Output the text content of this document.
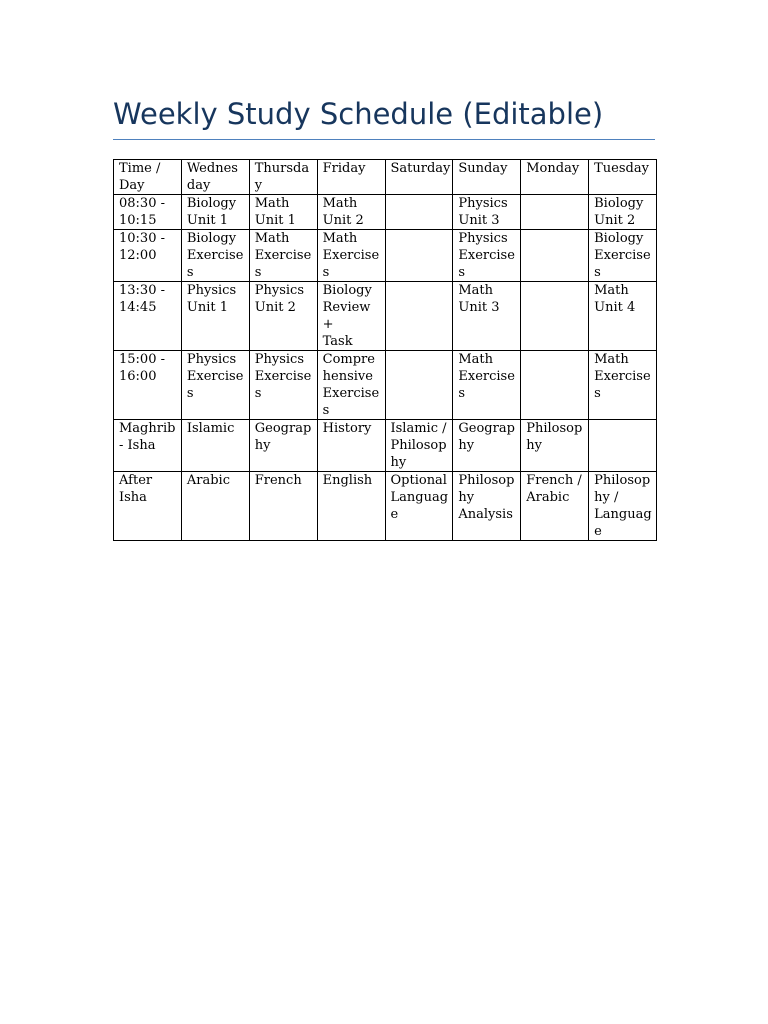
Weekly Study Schedule (Editable)
Time /
Day	Wednes
day	Thursda
y	Friday	Saturday	Sunday	Monday	Tuesday
08:30 -
10:15	Biology
Unit 1	Math
Unit 1	Math
Unit 2		Physics
Unit 3		Biology
Unit 2
10:30 -
12:00	Biology
Exercise
s	Math
Exercise
s	Math
Exercise
s		Physics
Exercise
s		Biology
Exercise
s
13:30 -
14:45	Physics
Unit 1	Physics
Unit 2	Biology
Review +
Task		Math
Unit 3		Math
Unit 4
15:00 -
16:00	Physics
Exercise
s	Physics
Exercise
s	Compre
hensive
Exercise
s		Math
Exercise
s		Math
Exercise
s
Maghrib
- Isha	Islamic	Geograp
hy	History	Islamic /
Philosop
hy	Geograp
hy	Philosop
hy	
After
Isha	Arabic	French	English	Optional
Languag
e	Philosop
hy
Analysis	French /
Arabic	Philosop
hy /
Languag
e
